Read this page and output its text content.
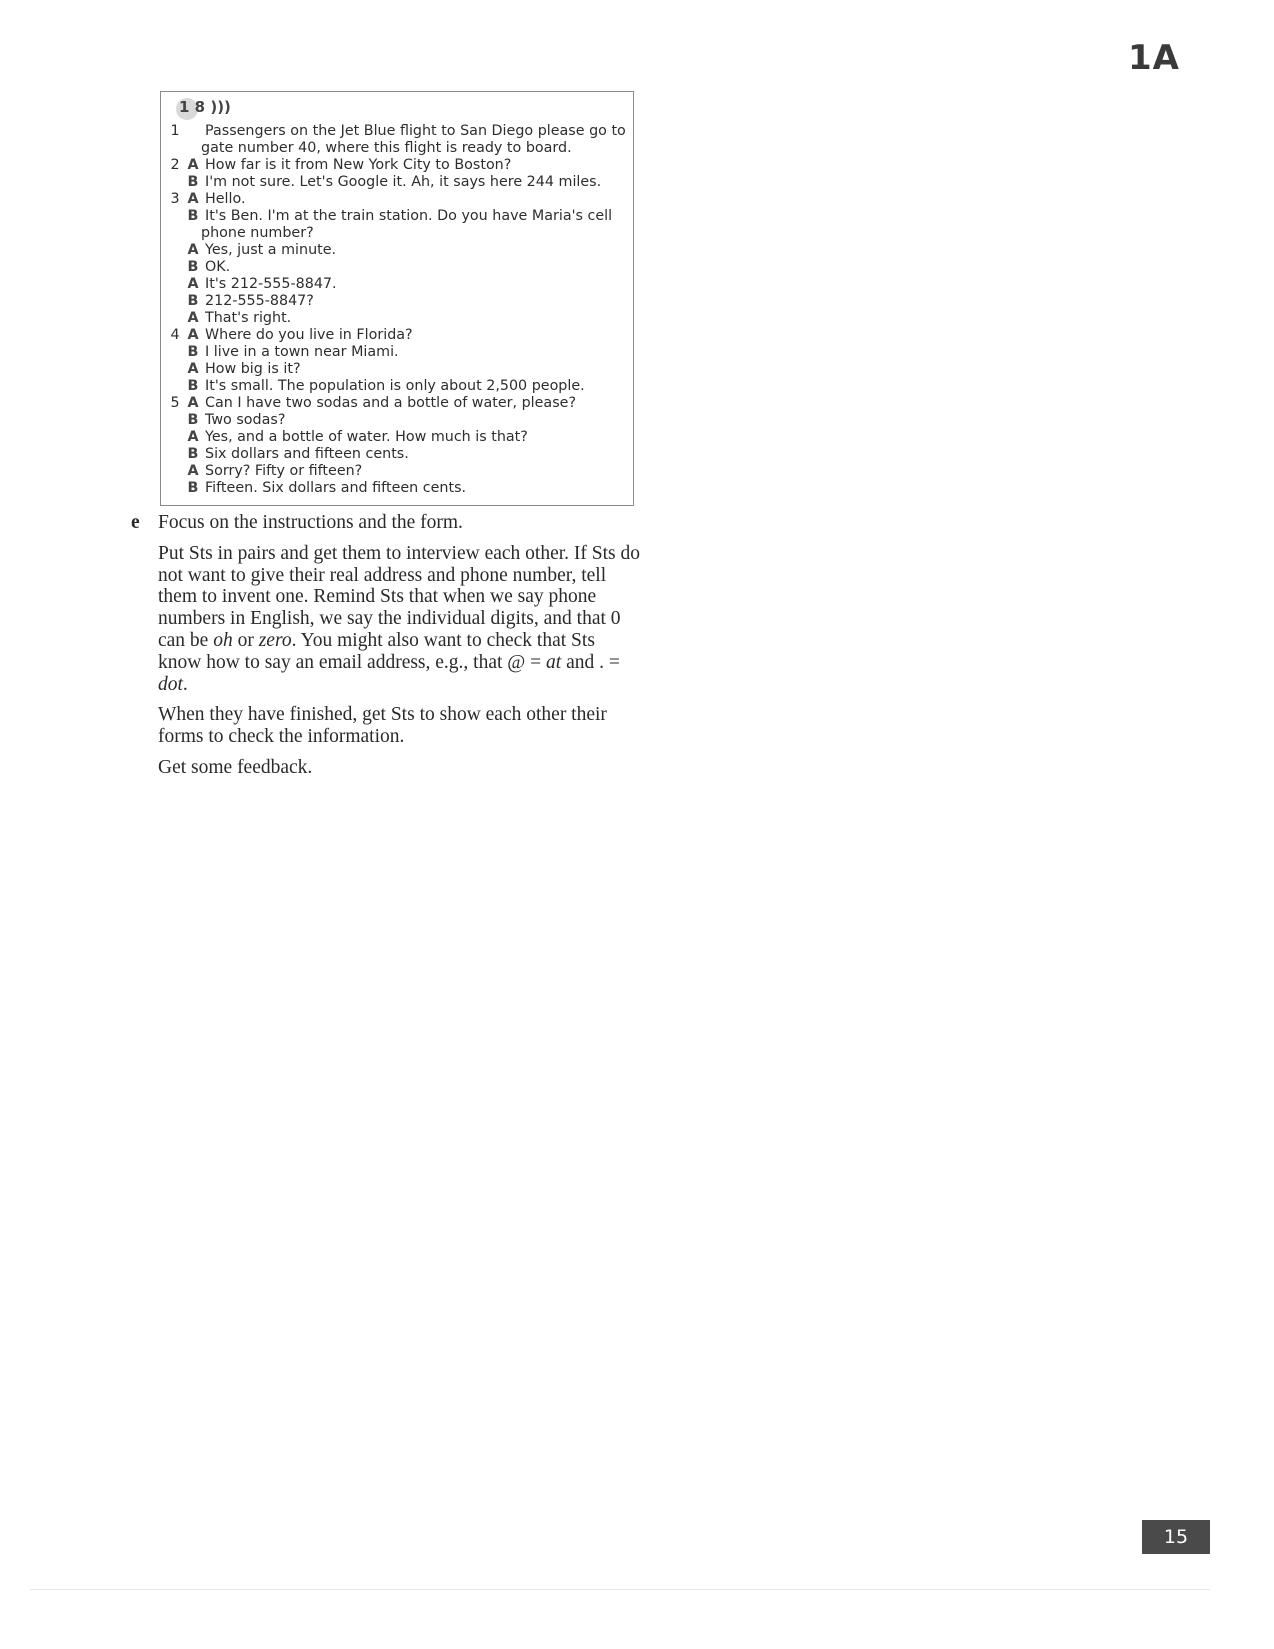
1A
1 8 )))
1 Passengers on the Jet Blue flight to San Diego please go to
gate number 40, where this flight is ready to board.
2 A How far is it from New York City to Boston?
B I'm not sure. Let's Google it. Ah, it says here 244 miles.
3 A Hello.
B It's Ben. I'm at the train station. Do you have Maria's cell
phone number?
A Yes, just a minute.
B OK.
A It's 212-555-8847.
B 212-555-8847?
A That's right.
4 A Where do you live in Florida?
B I live in a town near Miami.
A How big is it?
B It's small. The population is only about 2,500 people.
5 A Can I have two sodas and a bottle of water, please?
B Two sodas?
A Yes, and a bottle of water. How much is that?
B Six dollars and fifteen cents.
A Sorry? Fifty or fifteen?
B Fifteen. Six dollars and fifteen cents.
e Focus on the instructions and the form.

Put Sts in pairs and get them to interview each other. If Sts do not want to give their real address and phone number, tell them to invent one. Remind Sts that when we say phone numbers in English, we say the individual digits, and that 0 can be oh or zero. You might also want to check that Sts know how to say an email address, e.g., that @ = at and . = dot.

When they have finished, get Sts to show each other their forms to check the information.

Get some feedback.

15
